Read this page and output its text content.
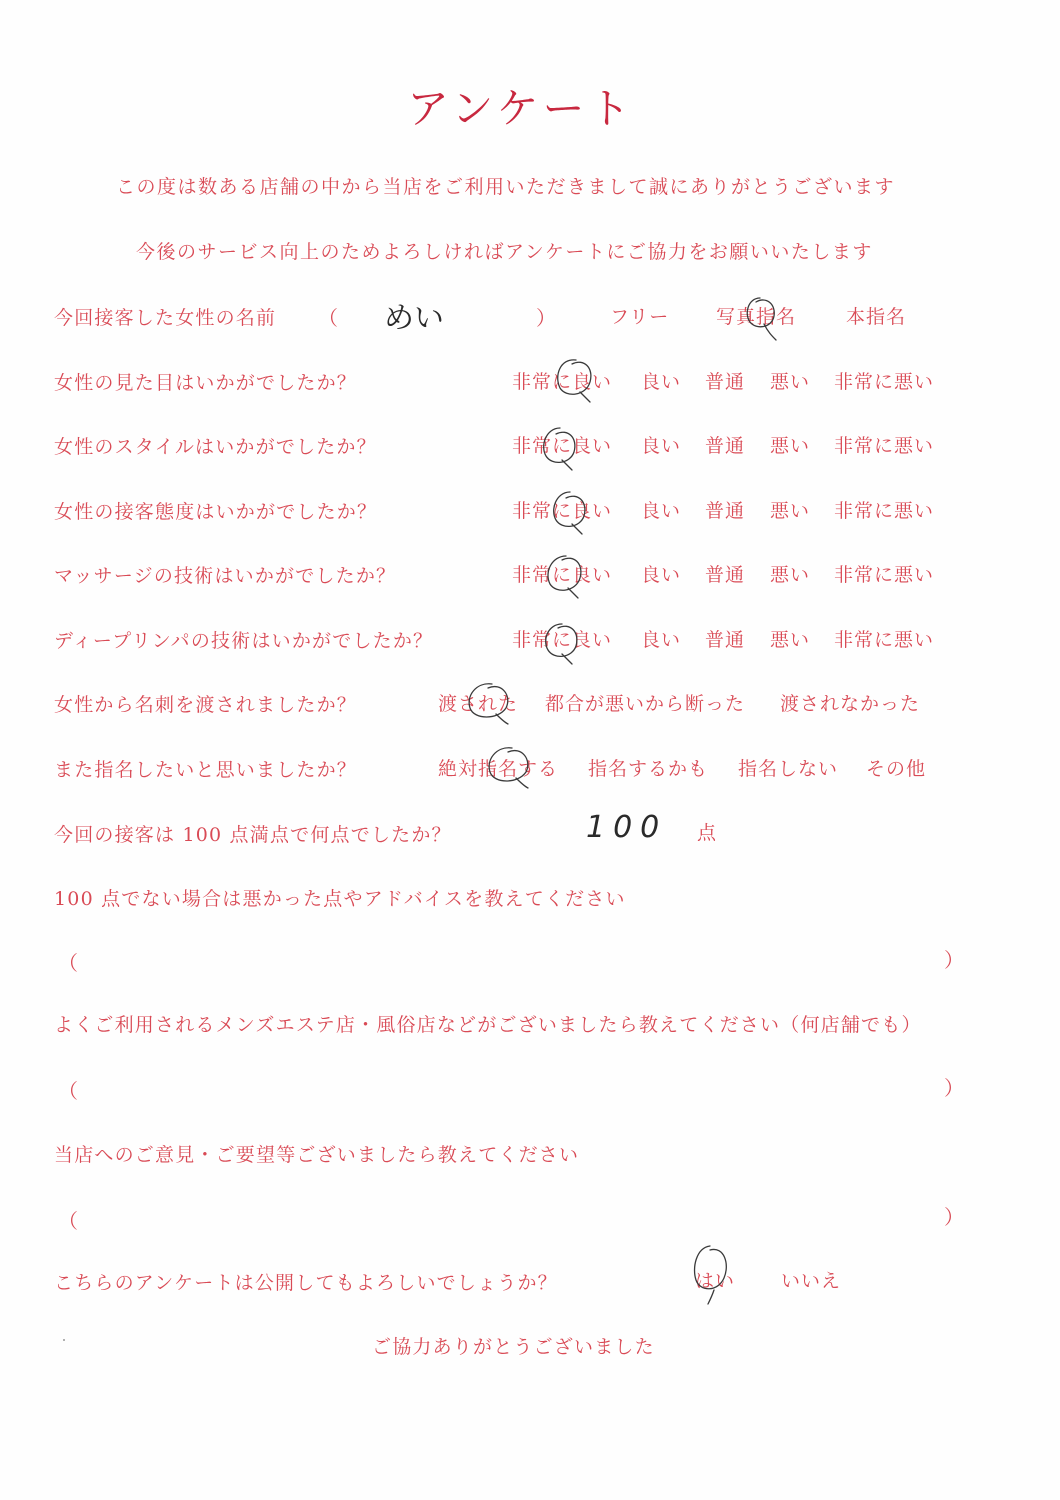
アンケート
この度は数ある店舗の中から当店をご利用いただきまして誠にありがとうございます
今後のサービス向上のためよろしければアンケートにご協力をお願いいたします
今回接客した女性の名前 （ めい	）	フリー 写真指名	本指名
女性の見た目はいかがでしたか？	非常に良い 良い 普通 悪い 非常に悪い
女性のスタイルはいかがでしたか？	非常に良い 良い 普通 悪い 非常に悪い
女性の接客態度はいかがでしたか？	非常に良い 良い 普通 悪い 非常に悪い
マッサージの技術はいかがでしたか？	非常に良い 良い 普通 悪い 非常に悪い
ディープリンパの技術はいかがでしたか？	非常に良い 良い 普通 悪い 非常に悪い
女性から名刺を渡されましたか？	渡された 都合が悪いから断った 渡されなかった
また指名したいと思いましたか？	絶対指名する 指名するかも 指名しない その他
今回の接客は 100 点満点で何点でしたか？	100 点
100 点でない場合は悪かった点やアドバイスを教えてください
（	）
よくご利用されるメンズエステ店・風俗店などがございましたら教えてください（何店舗でも）
（	）
当店へのご意見・ご要望等ございましたら教えてください
（	）
こちらのアンケートは公開してもよろしいでしょうか？	はい いいえ
ご協力ありがとうございました
